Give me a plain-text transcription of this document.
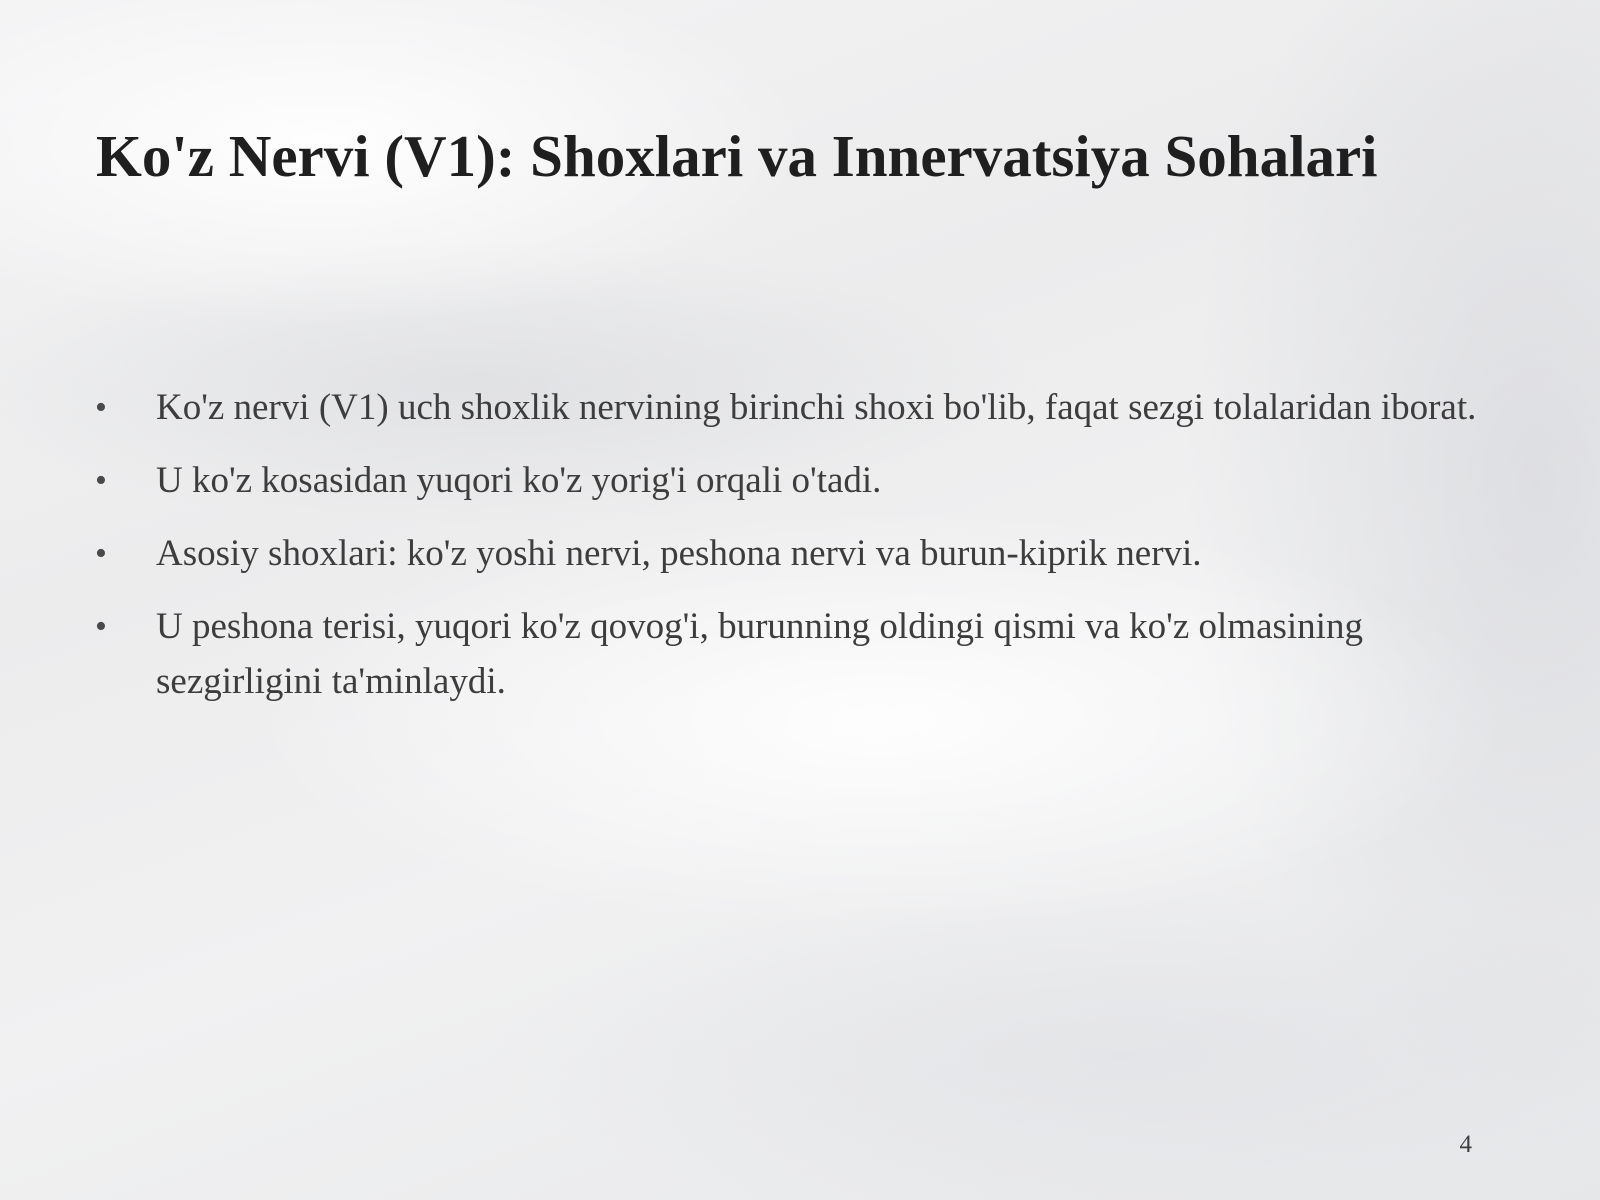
Ko'z Nervi (V1): Shoxlari va Innervatsiya Sohalari
• Ko'z nervi (V1) uch shoxlik nervining birinchi shoxi bo'lib, faqat sezgi tolalaridan iborat.
• U ko'z kosasidan yuqori ko'z yorig'i orqali o'tadi.
• Asosiy shoxlari: ko'z yoshi nervi, peshona nervi va burun-kiprik nervi.
• U peshona terisi, yuqori ko'z qovog'i, burunning oldingi qismi va ko'z olmasining sezgirligini ta'minlaydi.
4
